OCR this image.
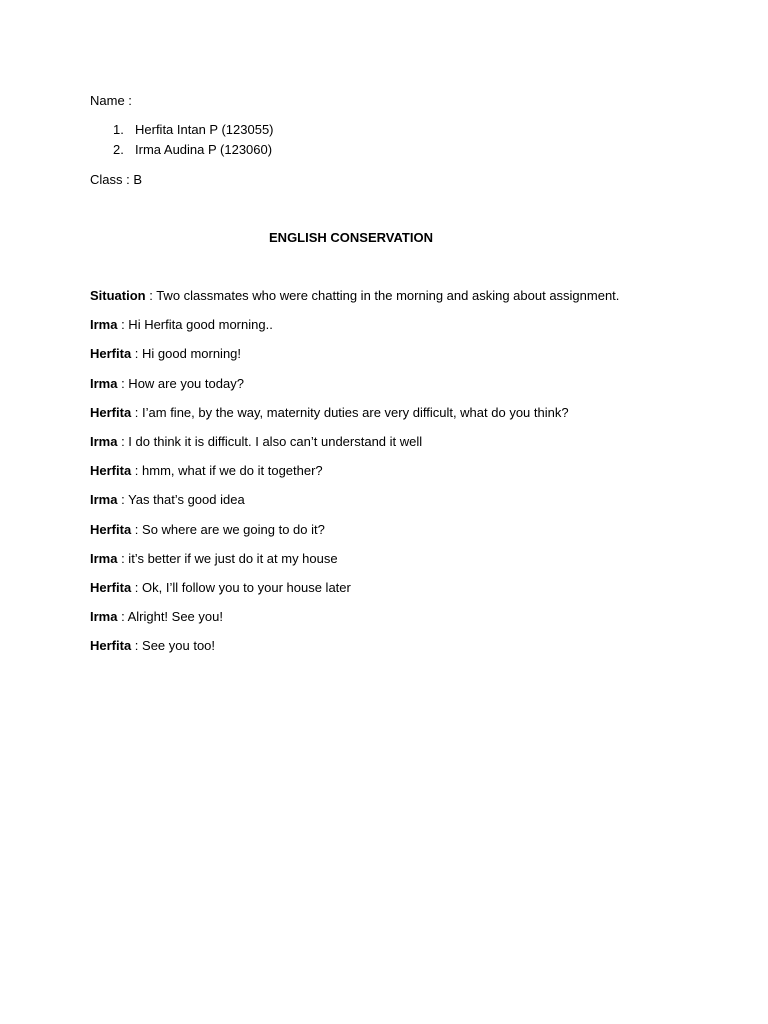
Name :

1. Herfita Intan P (123055)
2. Irma Audina P (123060)

Class : B

ENGLISH CONSERVATION

Situation : Two classmates who were chatting in the morning and asking about assignment.

Irma : Hi Herfita good morning..

Herfita : Hi good morning!

Irma : How are you today?

Herfita : I’am fine, by the way, maternity duties are very difficult, what do you think?

Irma : I do think it is difficult. I also can’t understand it well

Herfita : hmm, what if we do it together?

Irma : Yas that’s good idea

Herfita : So where are we going to do it?

Irma : it’s better if we just do it at my house

Herfita : Ok, I’ll follow you to your house later

Irma : Alright! See you!

Herfita : See you too!
